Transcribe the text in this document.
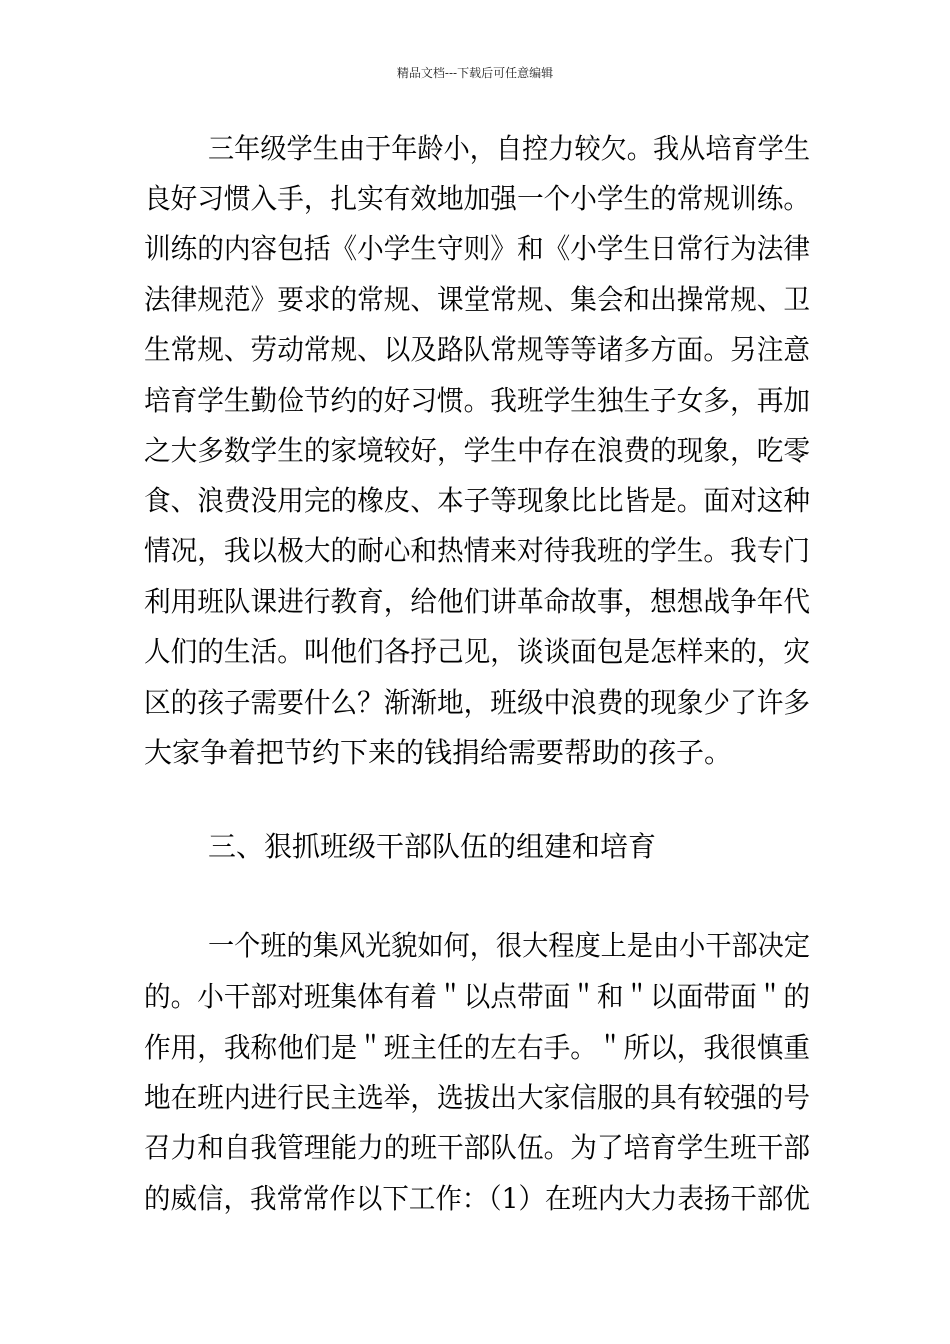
精品文档---下载后可任意编辑
三年级学生由于年龄小，自控力较欠。我从培育学生
良好习惯入手，扎实有效地加强一个小学生的常规训练。
训练的内容包括《小学生守则》和《小学生日常行为法律
法律规范》要求的常规、课堂常规、集会和出操常规、卫
生常规、劳动常规、以及路队常规等等诸多方面。另注意
培育学生勤俭节约的好习惯。我班学生独生子女多，再加
之大多数学生的家境较好，学生中存在浪费的现象，吃零
食、浪费没用完的橡皮、本子等现象比比皆是。面对这种
情况，我以极大的耐心和热情来对待我班的学生。我专门
利用班队课进行教育，给他们讲革命故事，想想战争年代
人们的生活。叫他们各抒己见，谈谈面包是怎样来的，灾
区的孩子需要什么？渐渐地，班级中浪费的现象少了许多
大家争着把节约下来的钱捐给需要帮助的孩子。
三、狠抓班级干部队伍的组建和培育
一个班的集风光貌如何，很大程度上是由小干部决定
的。小干部对班集体有着＂以点带面＂和＂以面带面＂的
作用，我称他们是＂班主任的左右手。＂所以，我很慎重
地在班内进行民主选举，选拔出大家信服的具有较强的号
召力和自我管理能力的班干部队伍。为了培育学生班干部
的威信，我常常作以下工作：（1）在班内大力表扬干部优
